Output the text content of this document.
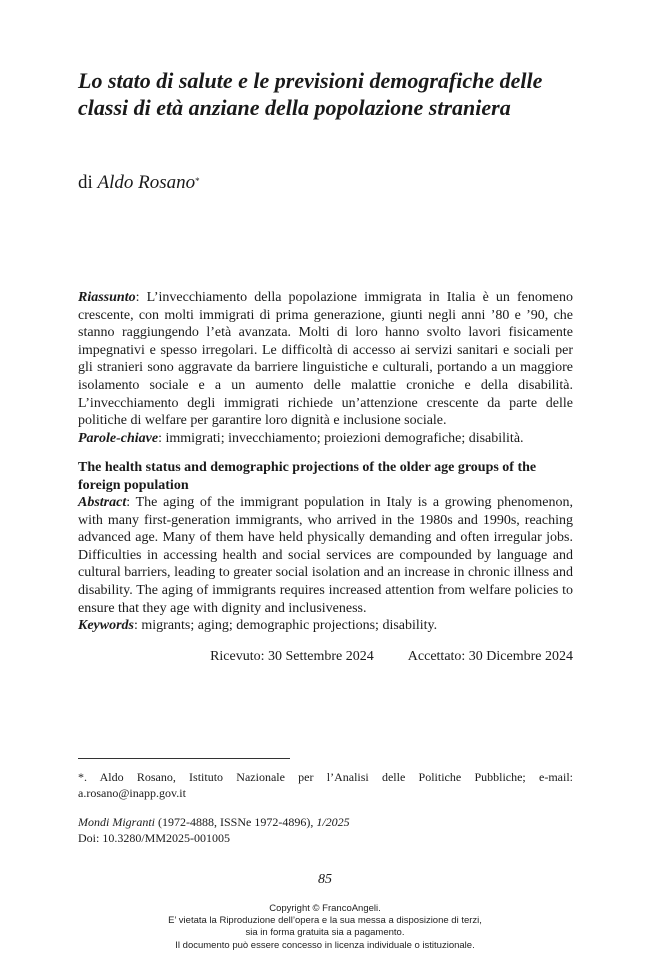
Lo stato di salute e le previsioni demografiche delle classi di età anziane della popolazione straniera
di Aldo Rosano*
Riassunto: L’invecchiamento della popolazione immigrata in Italia è un fenomeno crescente, con molti immigrati di prima generazione, giunti negli anni ’80 e ’90, che stanno raggiungendo l’età avanzata. Molti di loro hanno svolto lavori fisicamente impegnativi e spesso irregolari. Le difficoltà di accesso ai servizi sanitari e sociali per gli stranieri sono aggravate da barriere linguistiche e culturali, portando a un maggiore isolamento sociale e a un aumento delle malattie croniche e della disabilità. L’invecchiamento degli immigrati richiede un’attenzione crescente da parte delle politiche di welfare per garantire loro dignità e inclusione sociale.
Parole-chiave: immigrati; invecchiamento; proiezioni demografiche; disabilità.
The health status and demographic projections of the older age groups of the foreign population
Abstract: The aging of the immigrant population in Italy is a growing phenomenon, with many first-generation immigrants, who arrived in the 1980s and 1990s, reaching advanced age. Many of them have held physically demanding and often irregular jobs. Difficulties in accessing health and social services are compounded by language and cultural barriers, leading to greater social isolation and an increase in chronic illness and disability. The aging of immigrants requires increased attention from welfare policies to ensure that they age with dignity and inclusiveness.
Keywords: migrants; aging; demographic projections; disability.
Ricevuto: 30 Settembre 2024 Accettato: 30 Dicembre 2024
*. Aldo Rosano, Istituto Nazionale per l’Analisi delle Politiche Pubbliche; e-mail: a.rosano@inapp.gov.it
Mondi Migranti (1972-4888, ISSNe 1972-4896), 1/2025
Doi: 10.3280/MM2025-001005
85
Copyright © FrancoAngeli.
E’ vietata la Riproduzione dell’opera e la sua messa a disposizione di terzi,
sia in forma gratuita sia a pagamento.
Il documento può essere concesso in licenza individuale o istituzionale.
